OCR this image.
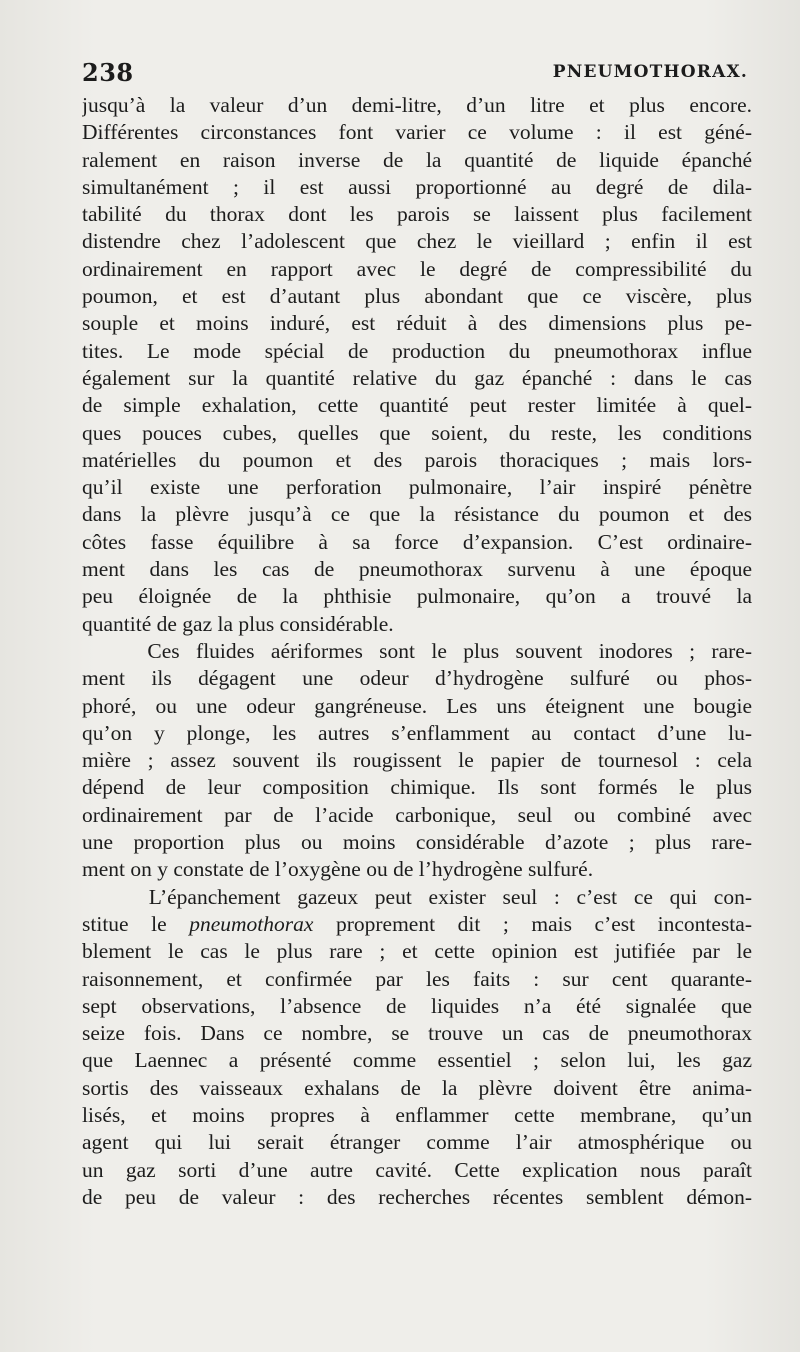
238	PNEUMOTHORAX.
jusqu’à la valeur d’un demi-litre, d’un litre et plus encore.
Différentes circonstances font varier ce volume : il est géné-
ralement en raison inverse de la quantité de liquide épanché
simultanément ; il est aussi proportionné au degré de dila-
tabilité du thorax dont les parois se laissent plus facilement
distendre chez l’adolescent que chez le vieillard ; enfin il est
ordinairement en rapport avec le degré de compressibilité du
poumon, et est d’autant plus abondant que ce viscère, plus
souple et moins induré, est réduit à des dimensions plus pe-
tites. Le mode spécial de production du pneumothorax influe
également sur la quantité relative du gaz épanché : dans le cas
de simple exhalation, cette quantité peut rester limitée à quel-
ques pouces cubes, quelles que soient, du reste, les conditions
matérielles du poumon et des parois thoraciques ; mais lors-
qu’il existe une perforation pulmonaire, l’air inspiré pénètre
dans la plèvre jusqu’à ce que la résistance du poumon et des
côtes fasse équilibre à sa force d’expansion. C’est ordinaire-
ment dans les cas de pneumothorax survenu à une époque
peu éloignée de la phthisie pulmonaire, qu’on a trouvé la
quantité de gaz la plus considérable.
Ces fluides aériformes sont le plus souvent inodores ; rare-
ment ils dégagent une odeur d’hydrogène sulfuré ou phos-
phoré, ou une odeur gangréneuse. Les uns éteignent une bougie
qu’on y plonge, les autres s’enflamment au contact d’une lu-
mière ; assez souvent ils rougissent le papier de tournesol : cela
dépend de leur composition chimique. Ils sont formés le plus
ordinairement par de l’acide carbonique, seul ou combiné avec
une proportion plus ou moins considérable d’azote ; plus rare-
ment on y constate de l’oxygène ou de l’hydrogène sulfuré.
L’épanchement gazeux peut exister seul : c’est ce qui con-
stitue le pneumothorax proprement dit ; mais c’est incontesta-
blement le cas le plus rare ; et cette opinion est jutifiée par le
raisonnement, et confirmée par les faits : sur cent quarante-
sept observations, l’absence de liquides n’a été signalée que
seize fois. Dans ce nombre, se trouve un cas de pneumothorax
que Laennec a présenté comme essentiel ; selon lui, les gaz
sortis des vaisseaux exhalans de la plèvre doivent être anima-
lisés, et moins propres à enflammer cette membrane, qu’un
agent qui lui serait étranger comme l’air atmosphérique ou
un gaz sorti d’une autre cavité. Cette explication nous paraît
de peu de valeur : des recherches récentes semblent démon-
